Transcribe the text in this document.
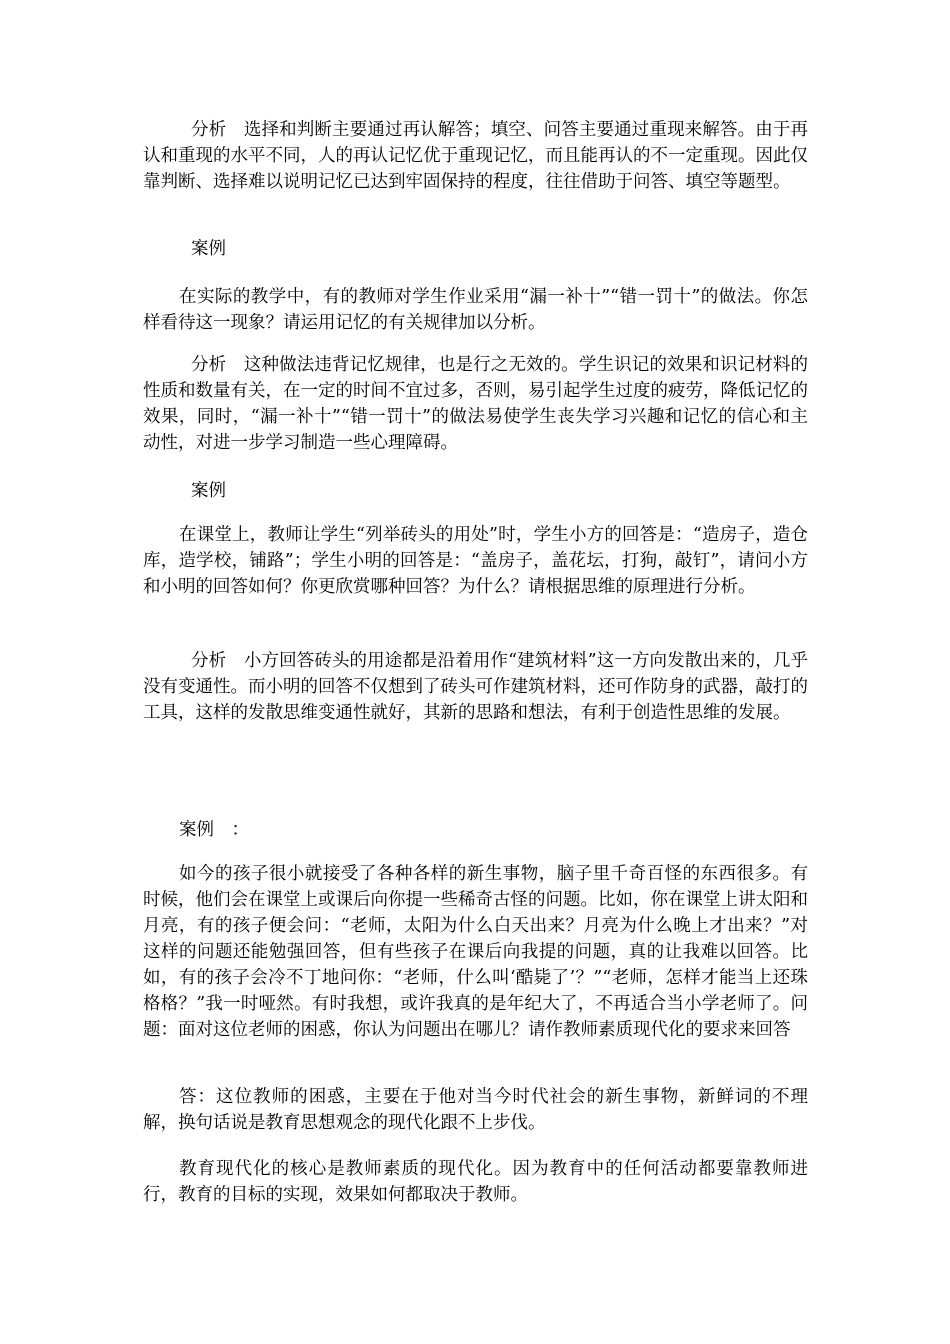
分析　选择和判断主要通过再认解答；填空、问答主要通过重现来解答。由于再认和重现的水平不同，人的再认记忆优于重现记忆，而且能再认的不一定重现。因此仅靠判断、选择难以说明记忆已达到牢固保持的程度，往往借助于问答、填空等题型。

案例

在实际的教学中，有的教师对学生作业采用“漏一补十”“错一罚十”的做法。你怎样看待这一现象？请运用记忆的有关规律加以分析。

分析　这种做法违背记忆规律，也是行之无效的。学生识记的效果和识记材料的性质和数量有关，在一定的时间不宜过多，否则，易引起学生过度的疲劳，降低记忆的效果，同时，“漏一补十”“错一罚十”的做法易使学生丧失学习兴趣和记忆的信心和主动性，对进一步学习制造一些心理障碍。

案例

在课堂上，教师让学生“列举砖头的用处”时，学生小方的回答是：“造房子，造仓库，造学校，铺路”；学生小明的回答是：“盖房子，盖花坛，打狗，敲钉”，请问小方和小明的回答如何？你更欣赏哪种回答？为什么？请根据思维的原理进行分析。

分析　小方回答砖头的用途都是沿着用作“建筑材料”这一方向发散出来的，几乎没有变通性。而小明的回答不仅想到了砖头可作建筑材料，还可作防身的武器，敲打的工具，这样的发散思维变通性就好，其新的思路和想法，有利于创造性思维的发展。

案例　：

如今的孩子很小就接受了各种各样的新生事物，脑子里千奇百怪的东西很多。有时候，他们会在课堂上或课后向你提一些稀奇古怪的问题。比如，你在课堂上讲太阳和月亮，有的孩子便会问：“老师，太阳为什么白天出来？月亮为什么晚上才出来？”对这样的问题还能勉强回答，但有些孩子在课后向我提的问题，真的让我难以回答。比如，有的孩子会冷不丁地问你：“老师，什么叫‘酷毙了’？”“老师，怎样才能当上还珠格格？”我一时哑然。有时我想，或许我真的是年纪大了，不再适合当小学老师了。问题：面对这位老师的困惑，你认为问题出在哪儿？请作教师素质现代化的要求来回答

答：这位教师的困惑，主要在于他对当今时代社会的新生事物，新鲜词的不理解，换句话说是教育思想观念的现代化跟不上步伐。

教育现代化的核心是教师素质的现代化。因为教育中的任何活动都要靠教师进行，教育的目标的实现，效果如何都取决于教师。
